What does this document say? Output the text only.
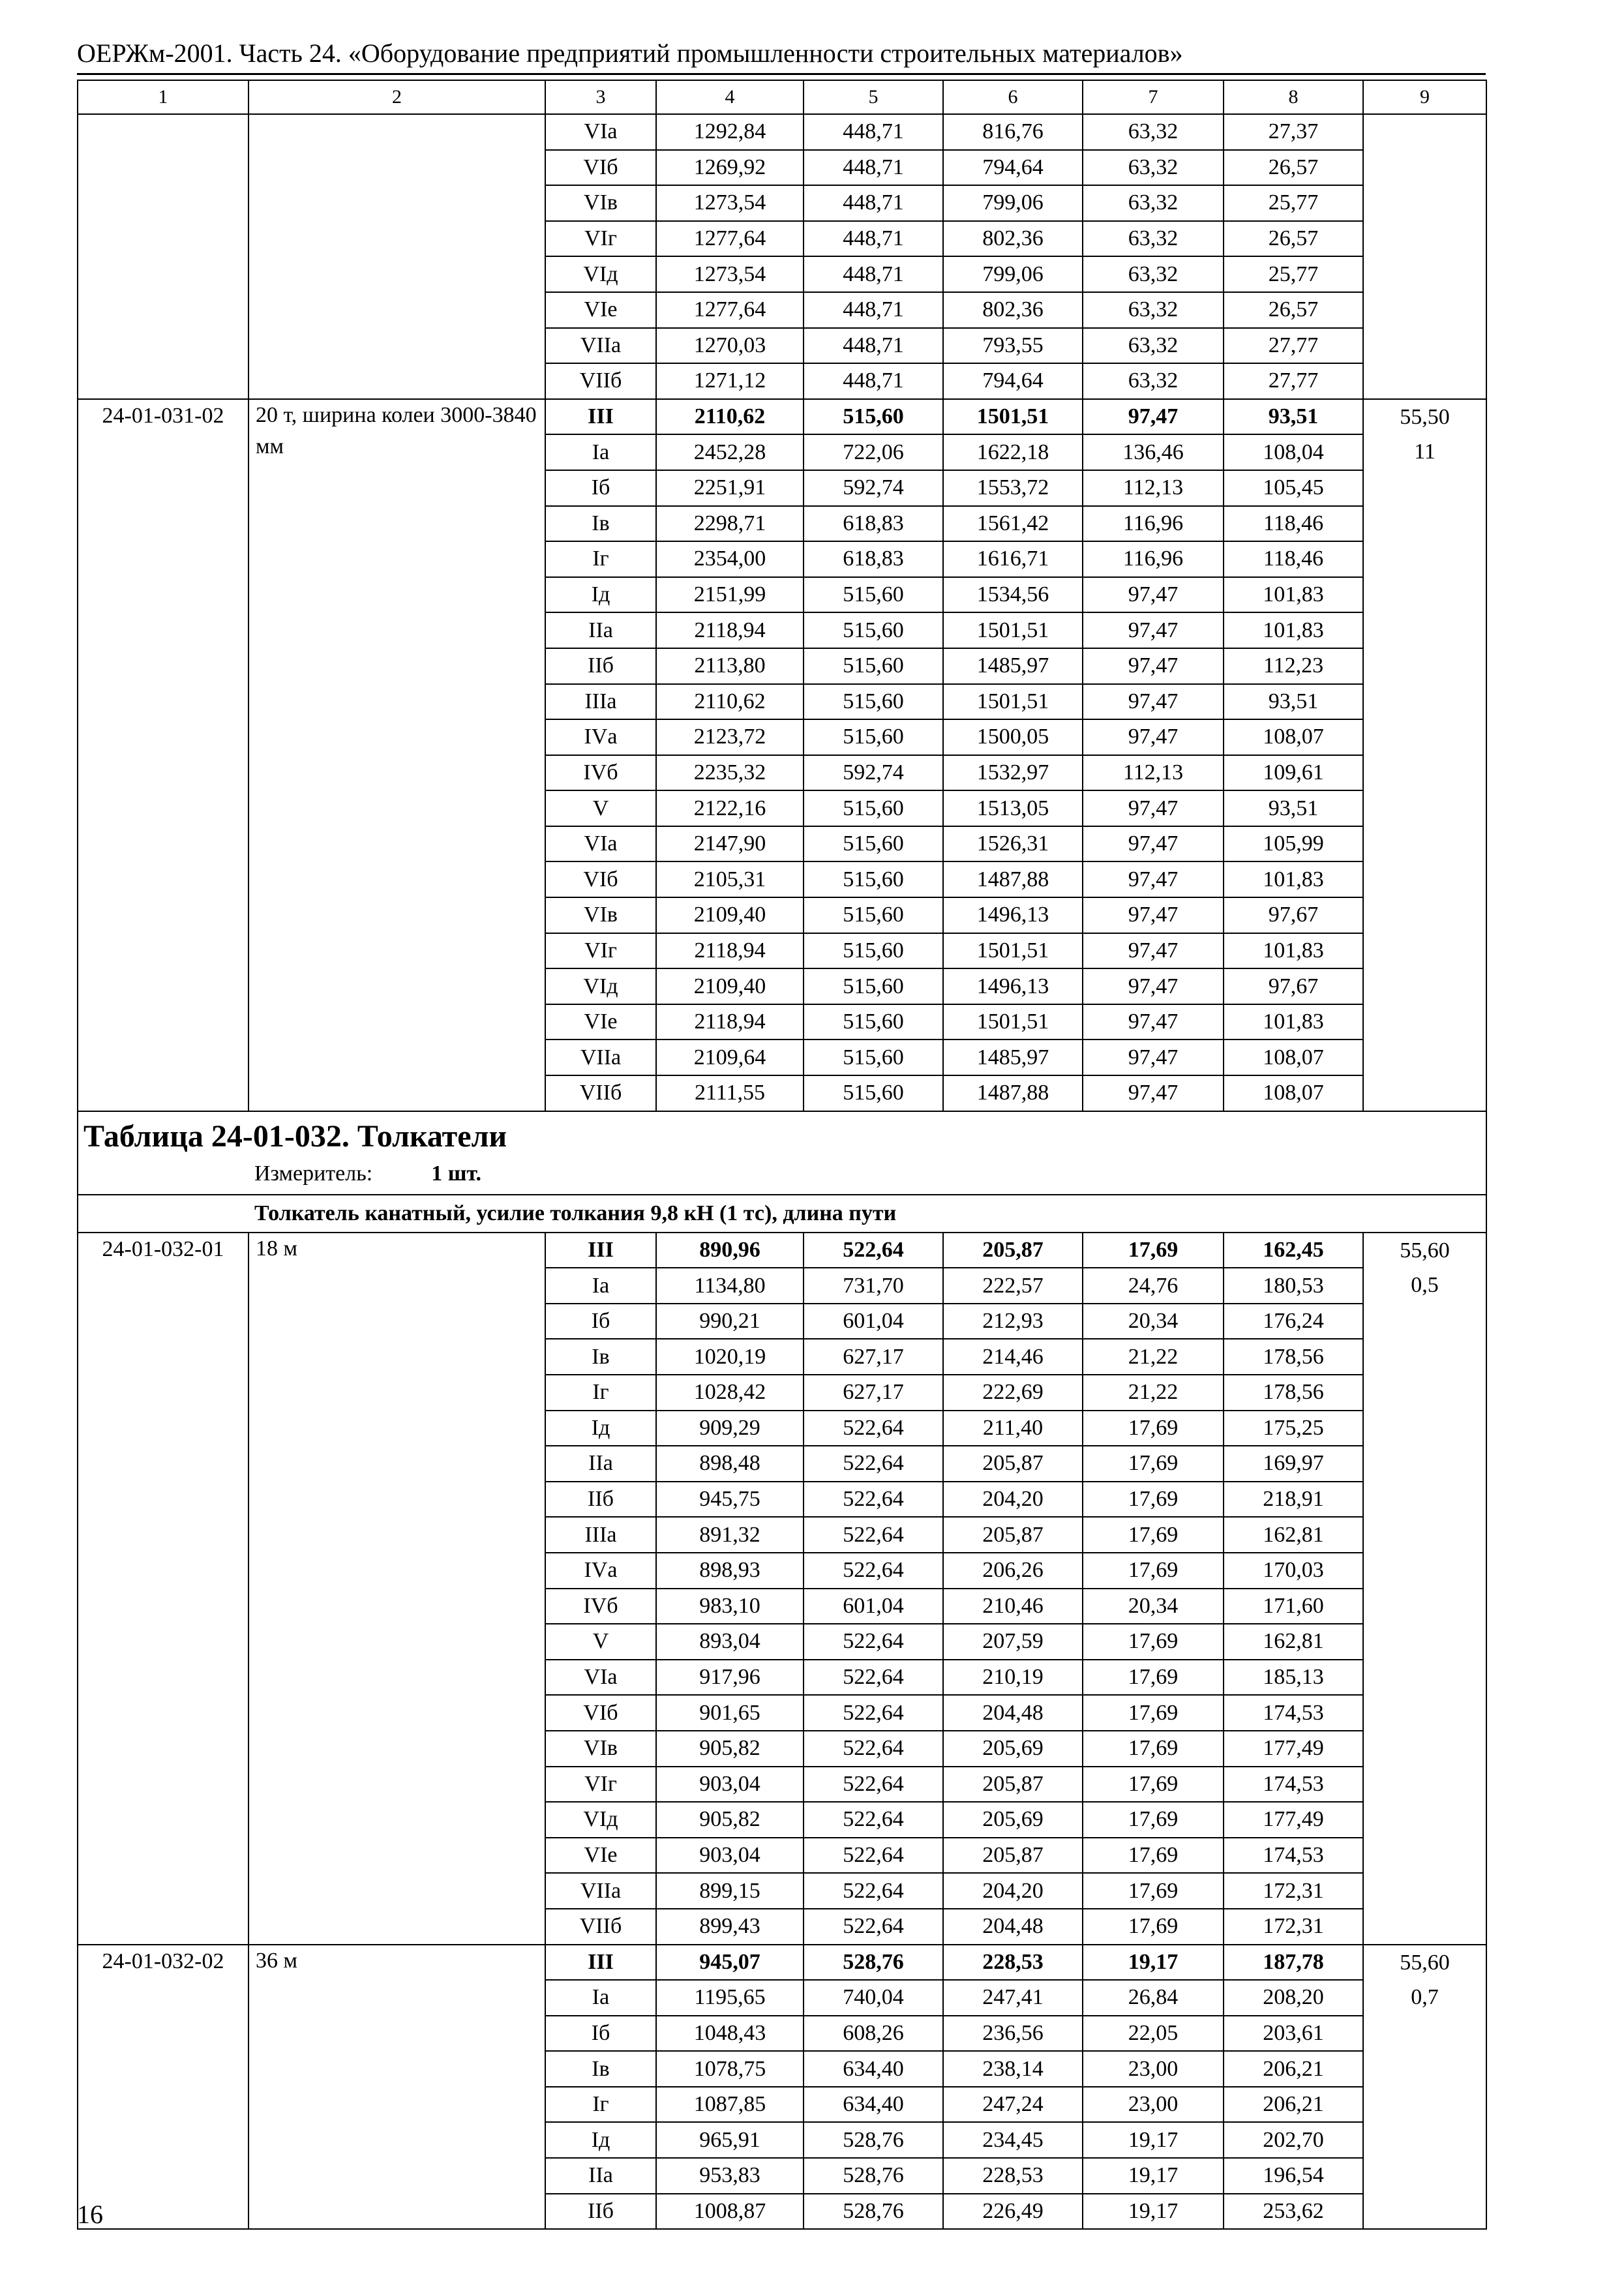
ОЕРЖм-2001. Часть 24. «Оборудование предприятий промышленности строительных материалов»
1	2	3	4	5	6	7	8	9
		VIа	1292,84	448,71	816,76	63,32	27,37	
		VIб	1269,92	448,71	794,64	63,32	26,57	
		VIв	1273,54	448,71	799,06	63,32	25,77	
		VIг	1277,64	448,71	802,36	63,32	26,57	
		VIд	1273,54	448,71	799,06	63,32	25,77	
		VIе	1277,64	448,71	802,36	63,32	26,57	
		VIIа	1270,03	448,71	793,55	63,32	27,77	
		VIIб	1271,12	448,71	794,64	63,32	27,77	
24-01-031-02	20 т, ширина колеи 3000-3840 мм	III	2110,62	515,60	1501,51	97,47	93,51	55,50
11

		Iа	2452,28	722,06	1622,18	136,46	108,04	
		Iб	2251,91	592,74	1553,72	112,13	105,45	
		Iв	2298,71	618,83	1561,42	116,96	118,46	
		Iг	2354,00	618,83	1616,71	116,96	118,46	
		Iд	2151,99	515,60	1534,56	97,47	101,83	
		IIа	2118,94	515,60	1501,51	97,47	101,83	
		IIб	2113,80	515,60	1485,97	97,47	112,23	
		IIIа	2110,62	515,60	1501,51	97,47	93,51	
		IVа	2123,72	515,60	1500,05	97,47	108,07	
		IVб	2235,32	592,74	1532,97	112,13	109,61	
		V	2122,16	515,60	1513,05	97,47	93,51	
		VIа	2147,90	515,60	1526,31	97,47	105,99	
		VIб	2105,31	515,60	1487,88	97,47	101,83	
		VIв	2109,40	515,60	1496,13	97,47	97,67	
		VIг	2118,94	515,60	1501,51	97,47	101,83	
		VIд	2109,40	515,60	1496,13	97,47	97,67	
		VIе	2118,94	515,60	1501,51	97,47	101,83	
		VIIа	2109,64	515,60	1485,97	97,47	108,07	
		VIIб	2111,55	515,60	1487,88	97,47	108,07	

Таблица 24-01-032. Толкатели
Измеритель: 1 шт.								

Толкатель канатный, усилие толкания 9,8 кН (1 тс), длина пути								
24-01-032-01	18 м	III	890,96	522,64	205,87	17,69	162,45	55,60
0,5

		Iа	1134,80	731,70	222,57	24,76	180,53	
		Iб	990,21	601,04	212,93	20,34	176,24	
		Iв	1020,19	627,17	214,46	21,22	178,56	
		Iг	1028,42	627,17	222,69	21,22	178,56	
		Iд	909,29	522,64	211,40	17,69	175,25	
		IIа	898,48	522,64	205,87	17,69	169,97	
		IIб	945,75	522,64	204,20	17,69	218,91	
		IIIа	891,32	522,64	205,87	17,69	162,81	
		IVа	898,93	522,64	206,26	17,69	170,03	
		IVб	983,10	601,04	210,46	20,34	171,60	
		V	893,04	522,64	207,59	17,69	162,81	
		VIа	917,96	522,64	210,19	17,69	185,13	
		VIб	901,65	522,64	204,48	17,69	174,53	
		VIв	905,82	522,64	205,69	17,69	177,49	
		VIг	903,04	522,64	205,87	17,69	174,53	
		VIд	905,82	522,64	205,69	17,69	177,49	
		VIе	903,04	522,64	205,87	17,69	174,53	
		VIIа	899,15	522,64	204,20	17,69	172,31	
		VIIб	899,43	522,64	204,48	17,69	172,31	
24-01-032-02	36 м	III	945,07	528,76	228,53	19,17	187,78	55,60
0,7

		Iа	1195,65	740,04	247,41	26,84	208,20	
		Iб	1048,43	608,26	236,56	22,05	203,61	
		Iв	1078,75	634,40	238,14	23,00	206,21	
		Iг	1087,85	634,40	247,24	23,00	206,21	
		Iд	965,91	528,76	234,45	19,17	202,70	
		IIа	953,83	528,76	228,53	19,17	196,54	
		IIб	1008,87	528,76	226,49	19,17	253,62	
16
